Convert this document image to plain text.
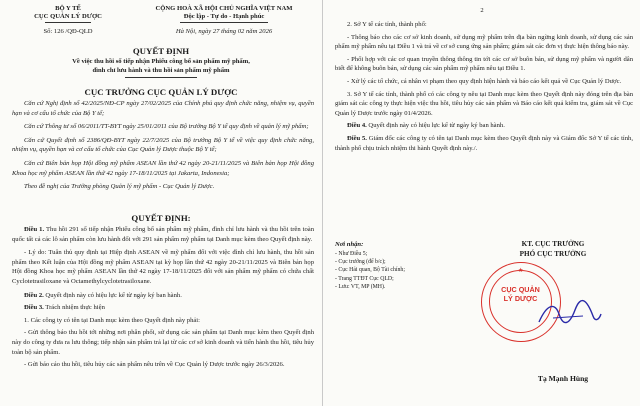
BỘ Y TẾ
CỤC QUẢN LÝ DƯỢC
Số: 126 /QĐ-QLD
CỘNG HOÀ XÃ HỘI CHỦ NGHĨA VIỆT NAM
Độc lập - Tự do - Hạnh phúc
Hà Nội, ngày 27 tháng 02 năm 2026
QUYẾT ĐỊNH
Về việc thu hồi số tiếp nhận Phiếu công bố sản phẩm mỹ phẩm,
đình chỉ lưu hành và thu hồi sản phẩm mỹ phẩm
CỤC TRƯỞNG CỤC QUẢN LÝ DƯỢC

Căn cứ Nghị định số 42/2025/NĐ-CP ngày 27/02/2025 của Chính phủ quy định chức năng, nhiệm vụ, quyền hạn và cơ cấu tổ chức của Bộ Y tế;

Căn cứ Thông tư số 06/2011/TT-BYT ngày 25/01/2011 của Bộ trưởng Bộ Y tế quy định về quản lý mỹ phẩm;

Căn cứ Quyết định số 2386/QĐ-BYT ngày 22/7/2025 của Bộ trưởng Bộ Y tế về việc quy định chức năng, nhiệm vụ, quyền hạn và cơ cấu tổ chức của Cục Quản lý Dược thuộc Bộ Y tế;

Căn cứ Biên bản họp Hội đồng mỹ phẩm ASEAN lần thứ 42 ngày 20-21/11/2025 và Biên bản họp Hội đồng Khoa học mỹ phẩm ASEAN lần thứ 42 ngày 17-18/11/2025 tại Jakarta, Indonesia;

Theo đề nghị của Trưởng phòng Quản lý mỹ phẩm - Cục Quản lý Dược.

QUYẾT ĐỊNH:

Điều 1. Thu hồi 291 số tiếp nhận Phiếu công bố sản phẩm mỹ phẩm, đình chỉ lưu hành và thu hồi trên toàn quốc tất cả các lô sản phẩm còn lưu hành đối với 291 sản phẩm mỹ phẩm tại Danh mục kèm theo Quyết định này.

- Lý do: Tuân thủ quy định tại Hiệp định ASEAN về mỹ phẩm đối với việc đình chỉ lưu hành, thu hồi sản phẩm theo Kết luận của Hội đồng mỹ phẩm ASEAN tại kỳ họp lần thứ 42 ngày 20-21/11/2025 và Biên bản họp Hội đồng Khoa học mỹ phẩm ASEAN lần thứ 42 ngày 17-18/11/2025 đối với sản phẩm mỹ phẩm có chứa chất Cyclotetrasiloxane và Octamethylcyclotetrasiloxane.

Điều 2. Quyết định này có hiệu lực kể từ ngày ký ban hành.

Điều 3. Trách nhiệm thực hiện

1. Các công ty có tên tại Danh mục kèm theo Quyết định này phải:

- Gửi thông báo thu hồi tới những nơi phân phối, sử dụng các sản phẩm tại Danh mục kèm theo Quyết định này do công ty đưa ra lưu thông; tiếp nhận sản phẩm trả lại từ các cơ sở kinh doanh và tiến hành thu hồi, tiêu hủy toàn bộ sản phẩm.

- Gửi báo cáo thu hồi, tiêu hủy các sản phẩm nêu trên về Cục Quản lý Dược trước ngày 26/3/2026.

2

2. Sở Y tế các tỉnh, thành phố:

- Thông báo cho các cơ sở kinh doanh, sử dụng mỹ phẩm trên địa bàn ngừng kinh doanh, sử dụng các sản phẩm mỹ phẩm nêu tại Điều 1 và trả về cơ sở cung ứng sản phẩm; giám sát các đơn vị thực hiện thông báo này.

- Phối hợp với các cơ quan truyền thông thông tin tới các cơ sở buôn bán, sử dụng mỹ phẩm và người dân biết để không buôn bán, sử dụng các sản phẩm mỹ phẩm nêu tại Điều 1.

- Xử lý các tổ chức, cá nhân vi phạm theo quy định hiện hành và báo cáo kết quả về Cục Quản lý Dược.

3. Sở Y tế các tỉnh, thành phố có các công ty nêu tại Danh mục kèm theo Quyết định này đóng trên địa bàn giám sát các công ty thực hiện việc thu hồi, tiêu hủy các sản phẩm và Báo cáo kết quả kiểm tra, giám sát về Cục Quản lý Dược trước ngày 01/4/2026.

Điều 4. Quyết định này có hiệu lực kể từ ngày ký ban hành.

Điều 5. Giám đốc các công ty có tên tại Danh mục kèm theo Quyết định này và Giám đốc Sở Y tế các tỉnh, thành phố chịu trách nhiệm thi hành Quyết định này./.

Nơi nhận:
- Như Điều 5;
- Cục trưởng (để b/c);
- Cục Hải quan, Bộ Tài chính;
- Trang TTĐT Cục QLD;
- Lưu: VT, MP (MH).
KT. CỤC TRƯỞNG
PHÓ CỤC TRƯỞNG
CỤC QUẢN LÝ DƯỢC
★
Tạ Mạnh Hùng
